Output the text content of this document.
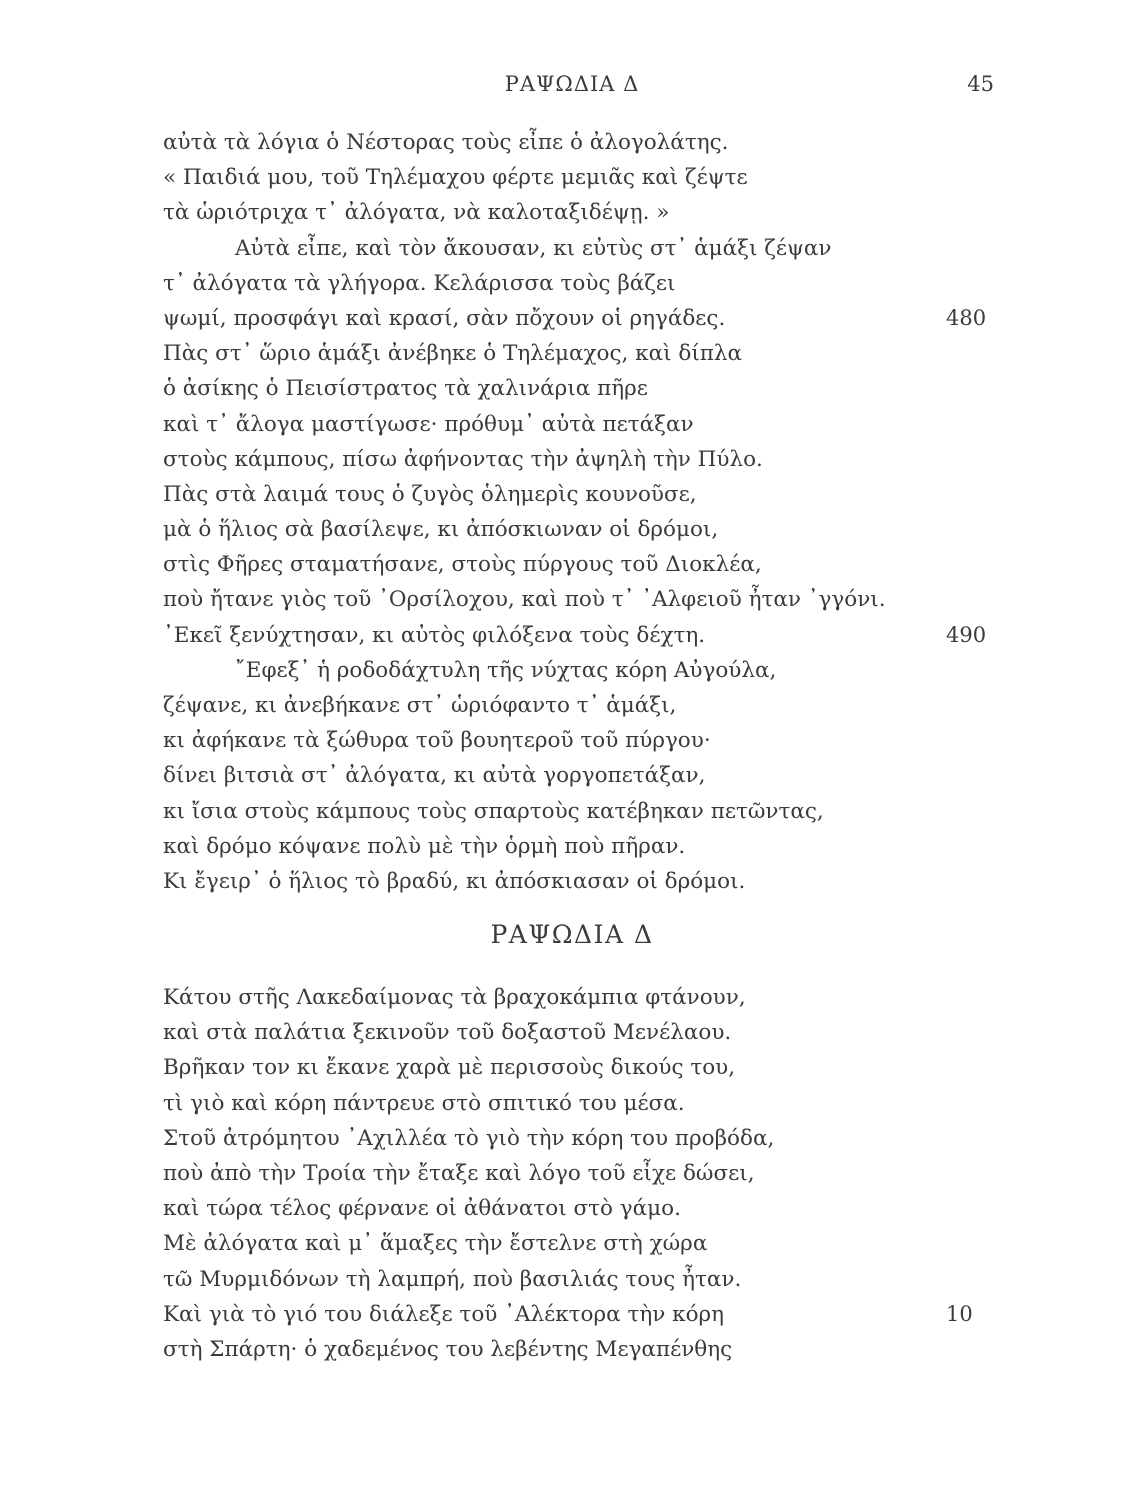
ΡΑΨΩΔΙΑ Δ	45
αὐτὰ τὰ λόγια ὁ Νέστορας τοὺς εἶπε ὁ ἀλογολάτης.
« Παιδιά μου, τοῦ Τηλέμαχου φέρτε μεμιᾶς καὶ ζέψτε
τὰ ὡριότριχα τ᾽ ἀλόγατα, νὰ καλοταξιδέψῃ. »
Αὐτὰ εἶπε, καὶ τὸν ἄκουσαν, κι εὐτὺς στ᾽ ἁμάξι ζέψαν
τ᾽ ἀλόγατα τὰ γλήγορα. Κελάρισσα τοὺς βάζει
ψωμί, προσφάγι καὶ κρασί, σὰν πὄχουν οἱ ρηγάδες.	480
Πὰς στ᾽ ὥριο ἁμάξι ἀνέβηκε ὁ Τηλέμαχος, καὶ δίπλα
ὁ ἀσίκης ὁ Πεισίστρατος τὰ χαλινάρια πῆρε
καὶ τ᾽ ἄλογα μαστίγωσε· πρόθυμ᾽ αὐτὰ πετάξαν
στοὺς κάμπους, πίσω ἀφήνοντας τὴν ἀψηλὴ τὴν Πύλο.
Πὰς στὰ λαιμά τους ὁ ζυγὸς ὁλημερὶς κουνοῦσε,
μὰ ὁ ἥλιος σὰ βασίλεψε, κι ἀπόσκιωναν οἱ δρόμοι,
στὶς Φῆρες σταματήσανε, στοὺς πύργους τοῦ Διοκλέα,
ποὺ ἤτανε γιὸς τοῦ ᾿Ορσίλοχου, καὶ ποὺ τ᾽ ᾿Αλφειοῦ ἦταν ᾿γγόνι.
᾿Εκεῖ ξενύχτησαν, κι αὐτὸς φιλόξενα τοὺς δέχτη.	490
῎Εφεξ᾽ ἡ ροδοδάχτυλη τῆς νύχτας κόρη Αὐγούλα,
ζέψανε, κι ἀνεβήκανε στ᾽ ὡριόφαντο τ᾽ ἁμάξι,
κι ἀφήκανε τὰ ξώθυρα τοῦ βουητεροῦ τοῦ πύργου·
δίνει βιτσιὰ στ᾽ ἀλόγατα, κι αὐτὰ γοργοπετάξαν,
κι ἴσια στοὺς κάμπους τοὺς σπαρτοὺς κατέβηκαν πετῶντας,
καὶ δρόμο κόψανε πολὺ μὲ τὴν ὁρμὴ ποὺ πῆραν.
Κι ἔγειρ᾽ ὁ ἥλιος τὸ βραδύ, κι ἀπόσκιασαν οἱ δρόμοι.
ΡΑΨΩΔΙΑ Δ
Κάτου στῆς Λακεδαίμονας τὰ βραχοκάμπια φτάνουν,
καὶ στὰ παλάτια ξεκινοῦν τοῦ δοξαστοῦ Μενέλαου.
Βρῆκαν τον κι ἔκανε χαρὰ μὲ περισσοὺς δικούς του,
τὶ γιὸ καὶ κόρη πάντρευε στὸ σπιτικό του μέσα.
Στοῦ ἀτρόμητου ᾿Αχιλλέα τὸ γιὸ τὴν κόρη του προβόδα,
ποὺ ἀπὸ τὴν Τροία τὴν ἔταξε καὶ λόγο τοῦ εἶχε δώσει,
καὶ τώρα τέλος φέρνανε οἱ ἀθάνατοι στὸ γάμο.
Μὲ ἀλόγατα καὶ μ᾽ ἅμαξες τὴν ἔστελνε στὴ χώρα
τῶ Μυρμιδόνων τὴ λαμπρή, ποὺ βασιλιάς τους ἦταν.
Καὶ γιὰ τὸ γιό του διάλεξε τοῦ ᾿Αλέκτορα τὴν κόρη	10
στὴ Σπάρτη· ὁ χαδεμένος του λεβέντης Μεγαπένθης
